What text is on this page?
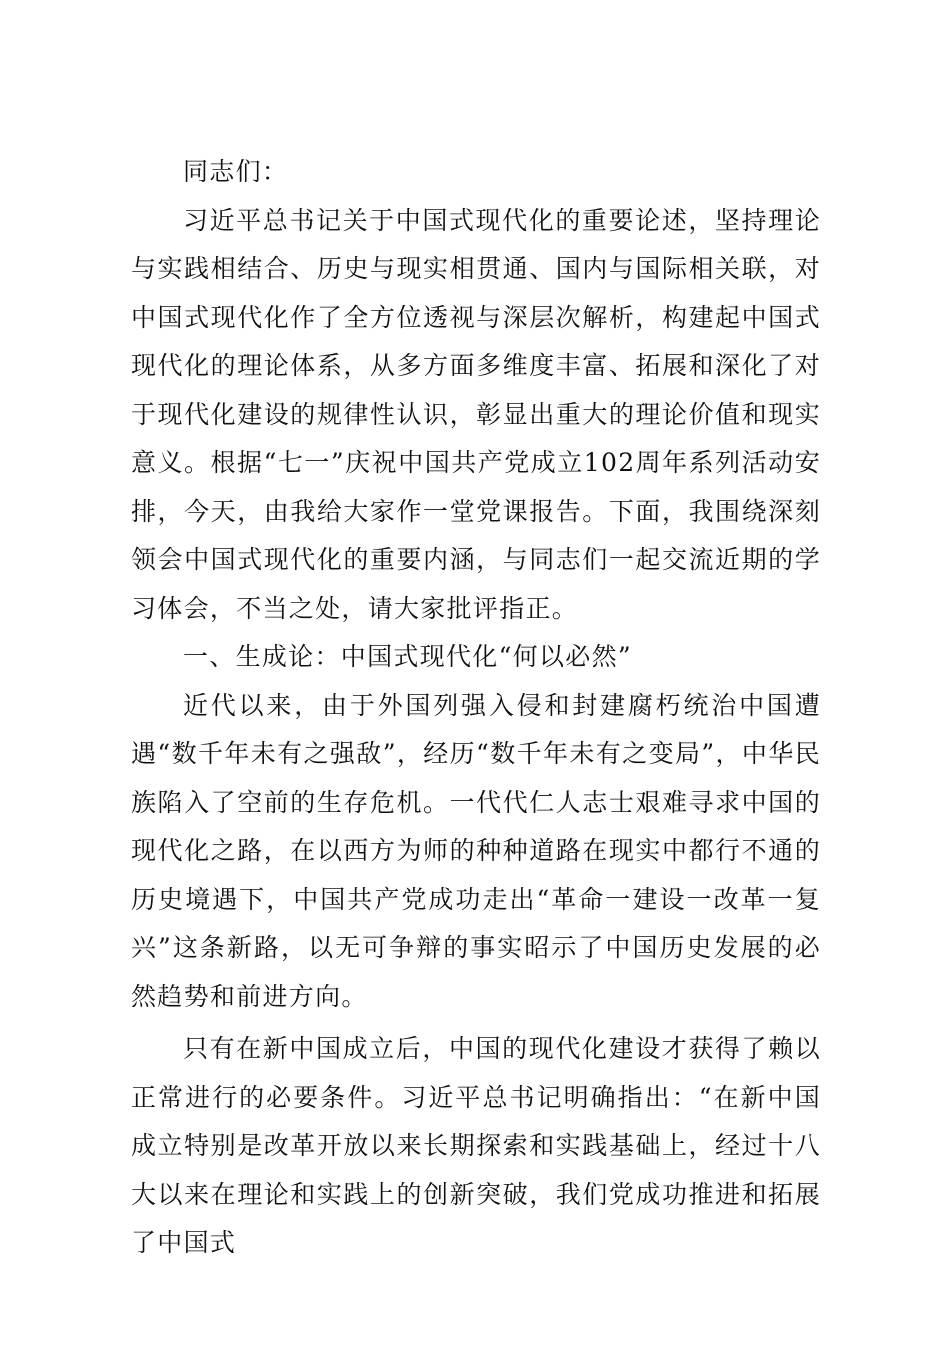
同志们：

习近平总书记关于中国式现代化的重要论述，坚持理论与实践相结合、历史与现实相贯通、国内与国际相关联，对中国式现代化作了全方位透视与深层次解析，构建起中国式现代化的理论体系，从多方面多维度丰富、拓展和深化了对于现代化建设的规律性认识，彰显出重大的理论价值和现实意义。根据“七一”庆祝中国共产党成立102周年系列活动安排，今天，由我给大家作一堂党课报告。下面，我围绕深刻领会中国式现代化的重要内涵，与同志们一起交流近期的学习体会，不当之处，请大家批评指正。

一、生成论：中国式现代化“何以必然”

近代以来，由于外国列强入侵和封建腐朽统治中国遭遇“数千年未有之强敌”，经历“数千年未有之变局”，中华民族陷入了空前的生存危机。一代代仁人志士艰难寻求中国的现代化之路，在以西方为师的种种道路在现实中都行不通的历史境遇下，中国共产党成功走出“革命一建设一改革一复兴”这条新路，以无可争辩的事实昭示了中国历史发展的必然趋势和前进方向。

只有在新中国成立后，中国的现代化建设才获得了赖以正常进行的必要条件。习近平总书记明确指出：“在新中国成立特别是改革开放以来长期探索和实践基础上，经过十八大以来在理论和实践上的创新突破，我们党成功推进和拓展了中国式
